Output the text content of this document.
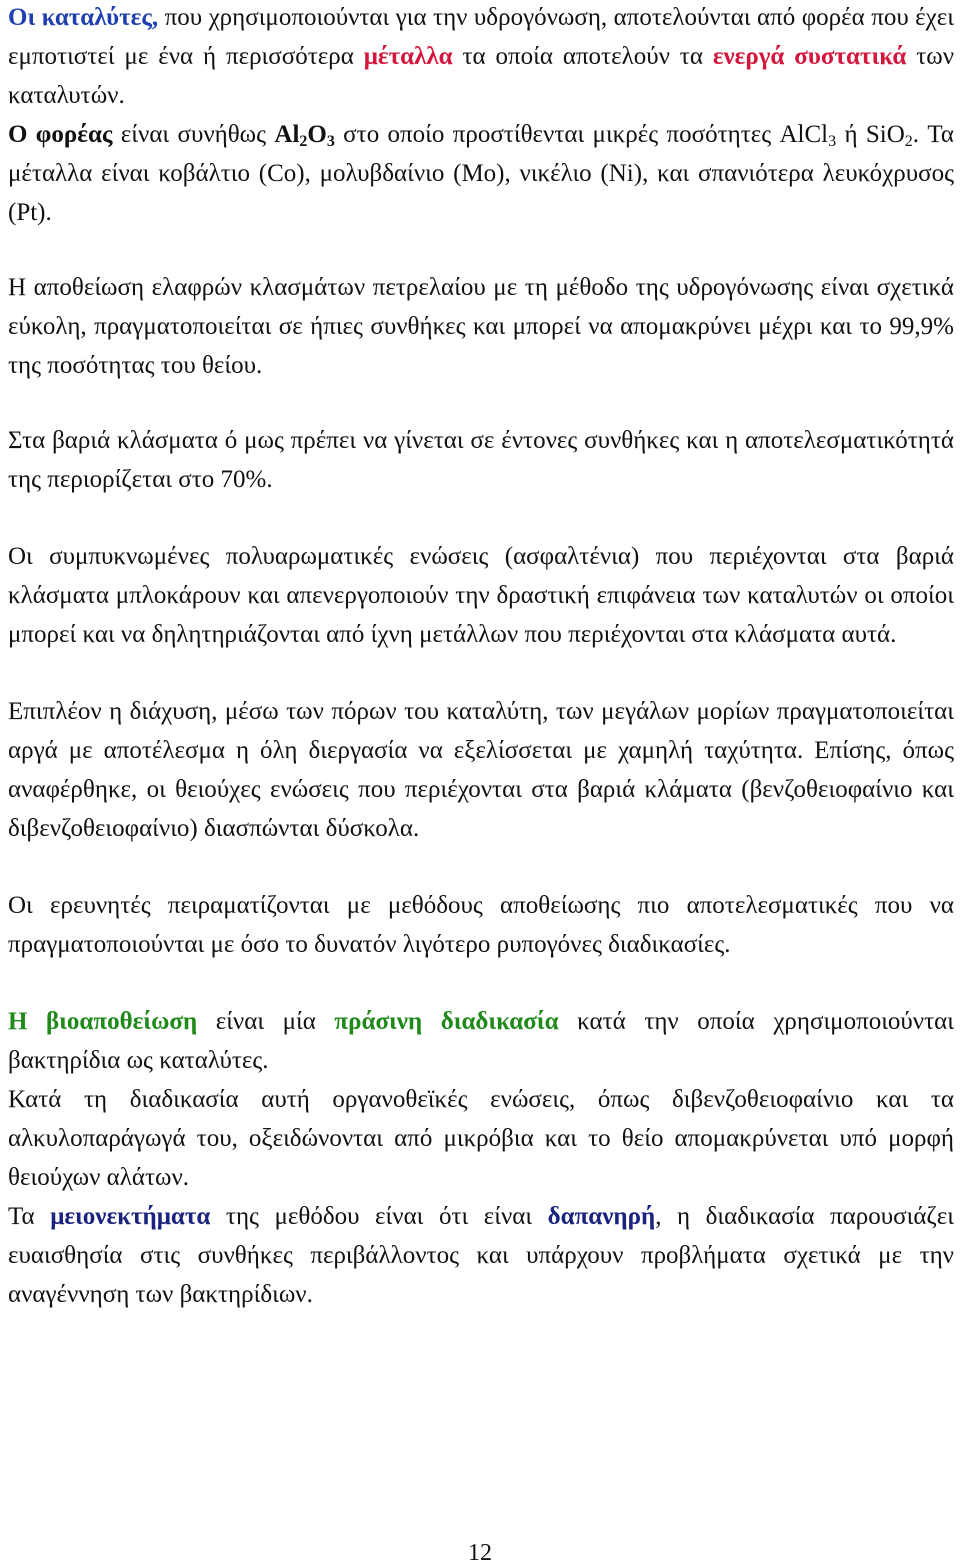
Οι καταλύτες, που χρησιμοποιούνται για την υδρογόνωση, αποτελούνται από φορέα που έχει εμποτιστεί με ένα ή περισσότερα μέταλλα τα οποία αποτελούν τα ενεργά συστατικά των καταλυτών.
Ο φορέας είναι συνήθως $Al_2O_3$ στο οποίο προστίθενται μικρές ποσότητες AlCl$_3$ ή SiO$_2$. Τα μέταλλα είναι κοβάλτιο (Co), μολυβδαίνιο (Mo), νικέλιο (Ni), και σπανιότερα λευκόχρυσος (Pt).

Η αποθείωση ελαφρών κλασμάτων πετρελαίου με τη μέθοδο της υδρογόνωσης είναι σχετικά εύκολη, πραγματοποιείται σε ήπιες συνθήκες και μπορεί να απομακρύνει μέχρι και το 99,9% της ποσότητας του θείου.

Στα βαριά κλάσματα ό μως πρέπει να γίνεται σε έντονες συνθήκες και η αποτελεσματικότητά της περιορίζεται στο 70%.

Οι συμπυκνωμένες πολυαρωματικές ενώσεις (ασφαλτένια) που περιέχονται στα βαριά κλάσματα μπλοκάρουν και απενεργοποιούν την δραστική επιφάνεια των καταλυτών οι οποίοι μπορεί και να δηλητηριάζονται από ίχνη μετάλλων που περιέχονται στα κλάσματα αυτά.

Επιπλέον η διάχυση, μέσω των πόρων του καταλύτη, των μεγάλων μορίων πραγματοποιείται αργά με αποτέλεσμα η όλη διεργασία να εξελίσσεται με χαμηλή ταχύτητα. Επίσης, όπως αναφέρθηκε, οι θειούχες ενώσεις που περιέχονται στα βαριά κλάματα (βενζοθειοφαίνιο και διβενζοθειοφαίνιο) διασπώνται δύσκολα.

Οι ερευνητές πειραματίζονται με μεθόδους αποθείωσης πιο αποτελεσματικές που να πραγματοποιούνται με όσο το δυνατόν λιγότερο ρυπογόνες διαδικασίες.

Η βιοαποθείωση είναι μία πράσινη διαδικασία κατά την οποία χρησιμοποιούνται βακτηρίδια ως καταλύτες.

Κατά τη διαδικασία αυτή οργανοθεϊκές ενώσεις, όπως διβενζοθειοφαίνιο και τα αλκυλοπαράγωγά του, οξειδώνονται από μικρόβια και το θείο απομακρύνεται υπό μορφή θειούχων αλάτων.

Τα μειονεκτήματα της μεθόδου είναι ότι είναι δαπανηρή, η διαδικασία παρουσιάζει ευαισθησία στις συνθήκες περιβάλλοντος και υπάρχουν προβλήματα σχετικά με την αναγέννηση των βακτηρίδιων.

12
